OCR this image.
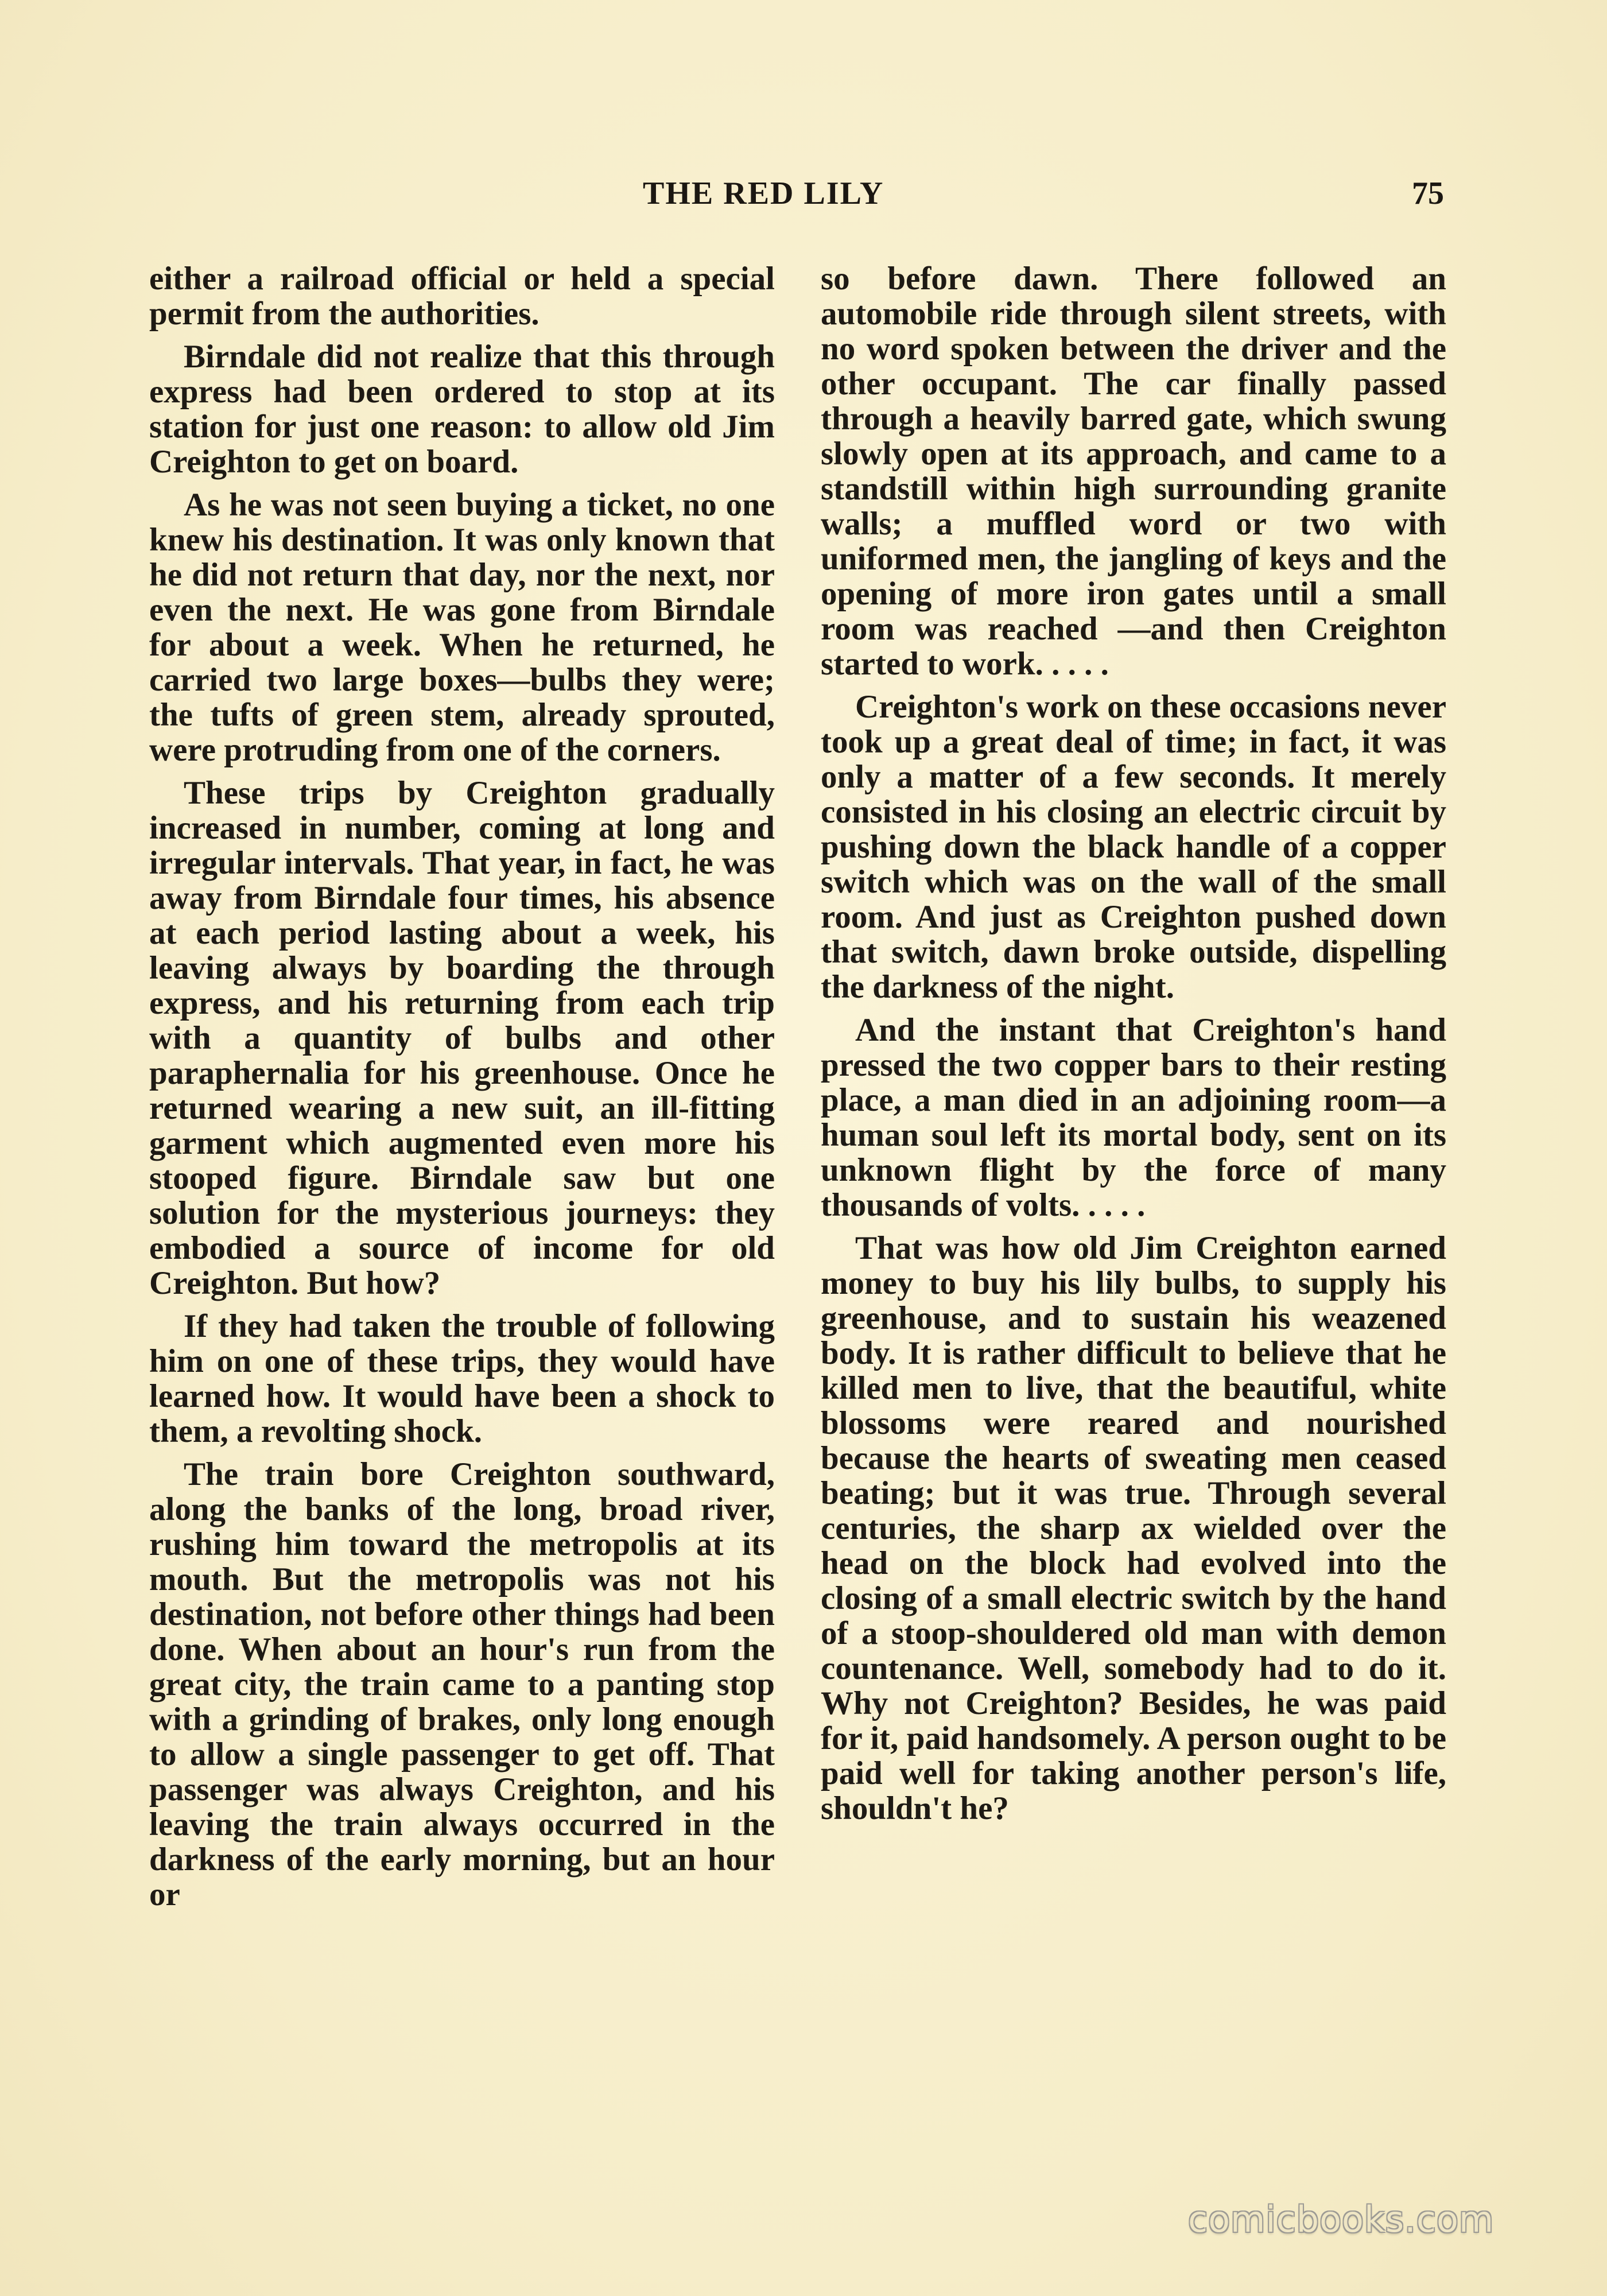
THE RED LILY	75

either a railroad official or held a special permit from the authorities.

Birndale did not realize that this through express had been ordered to stop at its station for just one reason: to allow old Jim Creighton to get on board.

As he was not seen buying a ticket, no one knew his destination. It was only known that he did not return that day, nor the next, nor even the next. He was gone from Birndale for about a week. When he returned, he carried two large boxes—bulbs they were; the tufts of green stem, already sprouted, were protruding from one of the corners.

These trips by Creighton gradually increased in number, coming at long and irregular intervals. That year, in fact, he was away from Birndale four times, his absence at each period lasting about a week, his leaving always by boarding the through express, and his returning from each trip with a quantity of bulbs and other paraphernalia for his greenhouse. Once he returned wearing a new suit, an ill-fitting garment which augmented even more his stooped figure. Birndale saw but one solution for the mysterious journeys: they embodied a source of income for old Creighton. But how?

If they had taken the trouble of following him on one of these trips, they would have learned how. It would have been a shock to them, a revolting shock.

The train bore Creighton southward, along the banks of the long, broad river, rushing him toward the metropolis at its mouth. But the metropolis was not his destination, not before other things had been done. When about an hour's run from the great city, the train came to a panting stop with a grinding of brakes, only long enough to allow a single passenger to get off. That passenger was always Creighton, and his leaving the train always occurred in the darkness of the early morning, but an hour or

so before dawn. There followed an automobile ride through silent streets, with no word spoken between the driver and the other occupant. The car finally passed through a heavily barred gate, which swung slowly open at its approach, and came to a standstill within high surrounding granite walls; a muffled word or two with uniformed men, the jangling of keys and the opening of more iron gates until a small room was reached —and then Creighton started to work. . . . .

Creighton's work on these occasions never took up a great deal of time; in fact, it was only a matter of a few seconds. It merely consisted in his closing an electric circuit by pushing down the black handle of a copper switch which was on the wall of the small room. And just as Creighton pushed down that switch, dawn broke outside, dispelling the darkness of the night.

And the instant that Creighton's hand pressed the two copper bars to their resting place, a man died in an adjoining room—a human soul left its mortal body, sent on its unknown flight by the force of many thousands of volts. . . . .

That was how old Jim Creighton earned money to buy his lily bulbs, to supply his greenhouse, and to sustain his weazened body. It is rather difficult to believe that he killed men to live, that the beautiful, white blossoms were reared and nourished because the hearts of sweating men ceased beating; but it was true. Through several centuries, the sharp ax wielded over the head on the block had evolved into the closing of a small electric switch by the hand of a stoop-shouldered old man with demon countenance. Well, somebody had to do it. Why not Creighton? Besides, he was paid for it, paid handsomely. A person ought to be paid well for taking another person's life, shouldn't he?

comicbooks.com
